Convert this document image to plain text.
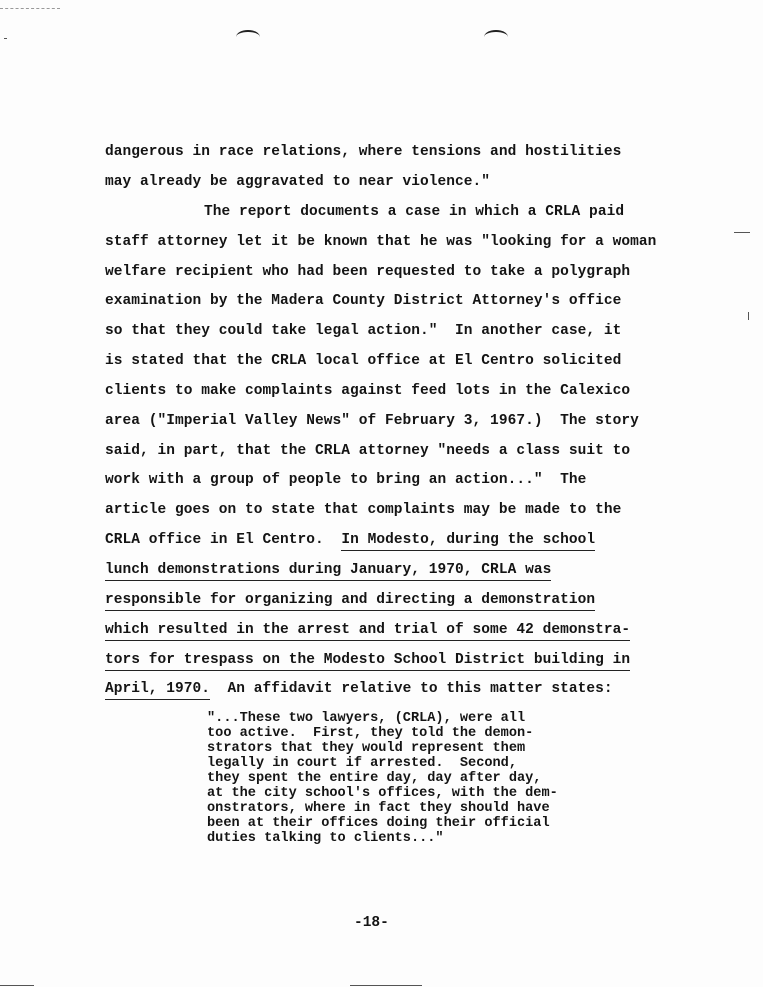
dangerous in race relations, where tensions and hostilities
may already be aggravated to near violence."
The report documents a case in which a CRLA paid
staff attorney let it be known that he was "looking for a woman
welfare recipient who had been requested to take a polygraph
examination by the Madera County District Attorney's office
so that they could take legal action."  In another case, it
is stated that the CRLA local office at El Centro solicited
clients to make complaints against feed lots in the Calexico
area ("Imperial Valley News" of February 3, 1967.)  The story
said, in part, that the CRLA attorney "needs a class suit to
work with a group of people to bring an action..."  The
article goes on to state that complaints may be made to the
CRLA office in El Centro. In Modesto, during the school
lunch demonstrations during January, 1970, CRLA was
responsible for organizing and directing a demonstration
which resulted in the arrest and trial of some 42 demonstra-
tors for trespass on the Modesto School District building in
April, 1970. An affidavit relative to this matter states:
"...These two lawyers, (CRLA), were all
too active.  First, they told the demon-
strators that they would represent them
legally in court if arrested.  Second,
they spent the entire day, day after day,
at the city school's offices, with the dem-
onstrators, where in fact they should have
been at their offices doing their official
duties talking to clients..."
-18-
